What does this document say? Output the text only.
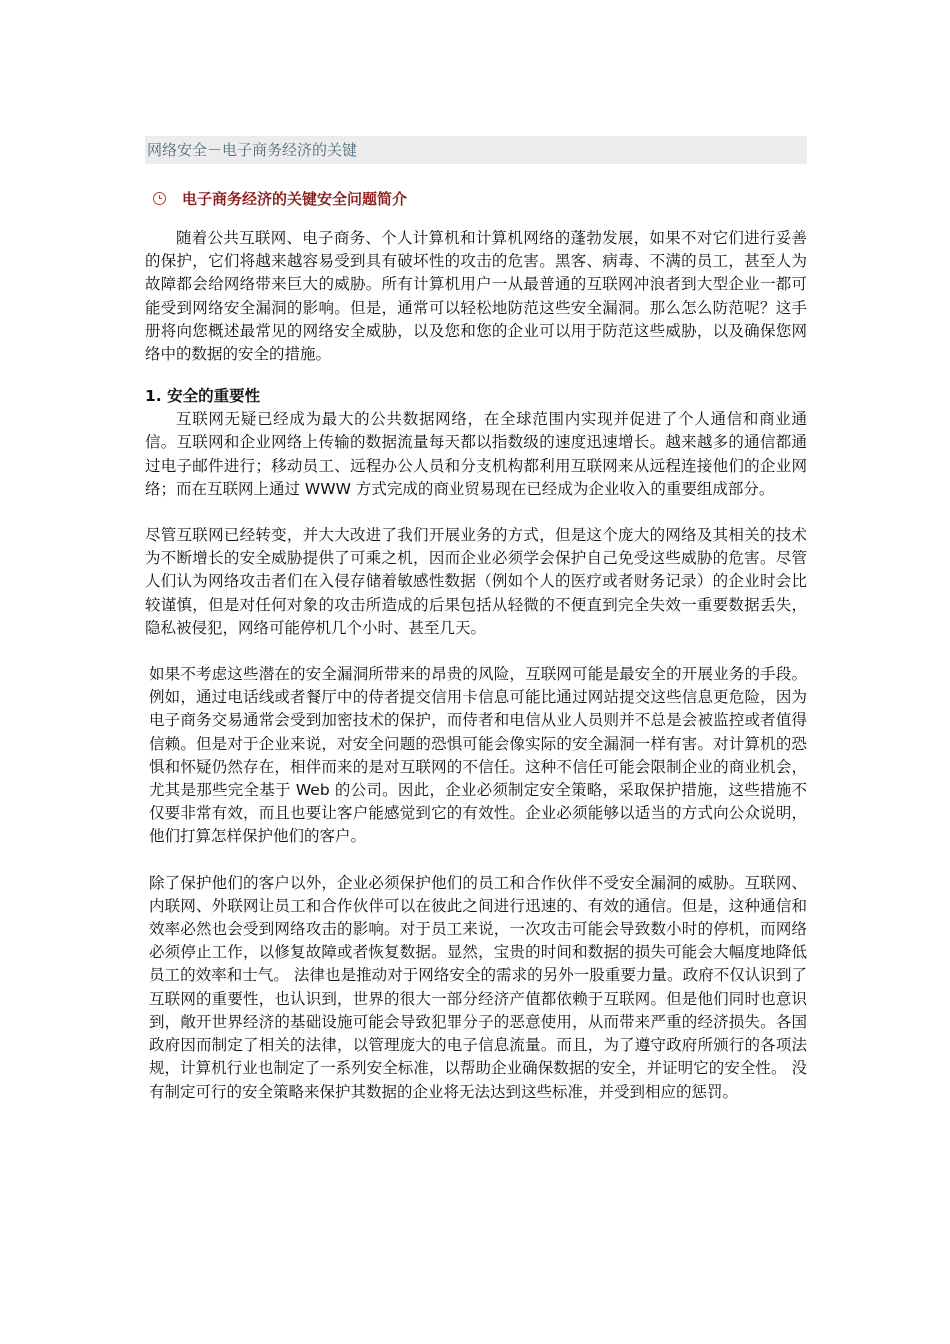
网络安全－电子商务经济的关键
电子商务经济的关键安全问题简介

随着公共互联网、电子商务、个人计算机和计算机网络的蓬勃发展，如果不对它们进行妥善的保护，它们将越来越容易受到具有破坏性的攻击的危害。黑客、病毒、不满的员工，甚至人为故障都会给网络带来巨大的威胁。所有计算机用户一从最普通的互联网冲浪者到大型企业一都可能受到网络安全漏洞的影响。但是，通常可以轻松地防范这些安全漏洞。那么怎么防范呢？这手册将向您概述最常见的网络安全威胁，以及您和您的企业可以用于防范这些威胁，以及确保您网络中的数据的安全的措施。

1. 安全的重要性

互联网无疑已经成为最大的公共数据网络，在全球范围内实现并促进了个人通信和商业通信。互联网和企业网络上传输的数据流量每天都以指数级的速度迅速增长。越来越多的通信都通过电子邮件进行；移动员工、远程办公人员和分支机构都利用互联网来从远程连接他们的企业网络；而在互联网上通过 WWW 方式完成的商业贸易现在已经成为企业收入的重要组成部分。

尽管互联网已经转变，并大大改进了我们开展业务的方式，但是这个庞大的网络及其相关的技术为不断增长的安全威胁提供了可乘之机，因而企业必须学会保护自己免受这些威胁的危害。尽管人们认为网络攻击者们在入侵存储着敏感性数据（例如个人的医疗或者财务记录）的企业时会比较谨慎，但是对任何对象的攻击所造成的后果包括从轻微的不便直到完全失效一重要数据丢失，隐私被侵犯，网络可能停机几个小时、甚至几天。

如果不考虑这些潜在的安全漏洞所带来的昂贵的风险，互联网可能是最安全的开展业务的手段。例如，通过电话线或者餐厅中的侍者提交信用卡信息可能比通过网站提交这些信息更危险，因为电子商务交易通常会受到加密技术的保护，而侍者和电信从业人员则并不总是会被监控或者值得信赖。但是对于企业来说，对安全问题的恐惧可能会像实际的安全漏洞一样有害。对计算机的恐惧和怀疑仍然存在，相伴而来的是对互联网的不信任。这种不信任可能会限制企业的商业机会，尤其是那些完全基于 Web 的公司。因此，企业必须制定安全策略，采取保护措施，这些措施不仅要非常有效，而且也要让客户能感觉到它的有效性。企业必须能够以适当的方式向公众说明，他们打算怎样保护他们的客户。

除了保护他们的客户以外，企业必须保护他们的员工和合作伙伴不受安全漏洞的威胁。互联网、内联网、外联网让员工和合作伙伴可以在彼此之间进行迅速的、有效的通信。但是，这种通信和效率必然也会受到网络攻击的影响。对于员工来说，一次攻击可能会导致数小时的停机，而网络必须停止工作，以修复故障或者恢复数据。显然，宝贵的时间和数据的损失可能会大幅度地降低员工的效率和士气。 法律也是推动对于网络安全的需求的另外一股重要力量。政府不仅认识到了互联网的重要性，也认识到，世界的很大一部分经济产值都依赖于互联网。但是他们同时也意识到，敞开世界经济的基础设施可能会导致犯罪分子的恶意使用，从而带来严重的经济损失。各国政府因而制定了相关的法律，以管理庞大的电子信息流量。而且，为了遵守政府所颁行的各项法规，计算机行业也制定了一系列安全标准，以帮助企业确保数据的安全，并证明它的安全性。 没有制定可行的安全策略来保护其数据的企业将无法达到这些标准，并受到相应的惩罚。
